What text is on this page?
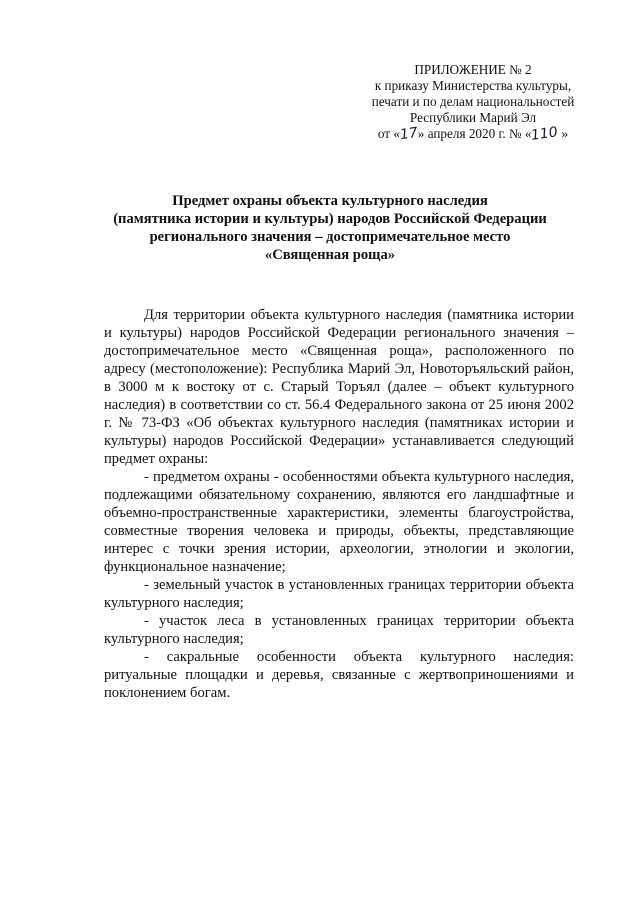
ПРИЛОЖЕНИЕ № 2
к приказу Министерства культуры,
печати и по делам национальностей
Республики Марий Эл
от «17» апреля 2020 г. № «110 »
Предмет охраны объекта культурного наследия
(памятника истории и культуры) народов Российской Федерации
регионального значения – достопримечательное место
«Священная роща»

Для территории объекта культурного наследия (памятника истории и культуры) народов Российской Федерации регионального значения – достопримечательное место «Священная роща», расположенного по адресу (местоположение): Республика Марий Эл, Новоторъяльский район, в 3000 м к востоку от с. Старый Торъял (далее – объект культурного наследия) в соответствии со ст. 56.4 Федерального закона от 25 июня 2002 г. № 73-ФЗ «Об объектах культурного наследия (памятниках истории и культуры) народов Российской Федерации» устанавливается следующий предмет охраны:

- предметом охраны - особенностями объекта культурного наследия, подлежащими обязательному сохранению, являются его ландшафтные и объемно-пространственные характеристики, элементы благоустройства, совместные творения человека и природы, объекты, представляющие интерес с точки зрения истории, археологии, этнологии и экологии, функциональное назначение;

- земельный участок в установленных границах территории объекта культурного наследия;

- участок леса в установленных границах территории объекта культурного наследия;

- сакральные особенности объекта культурного наследия: ритуальные площадки и деревья, связанные с жертвоприношениями и поклонением богам.
